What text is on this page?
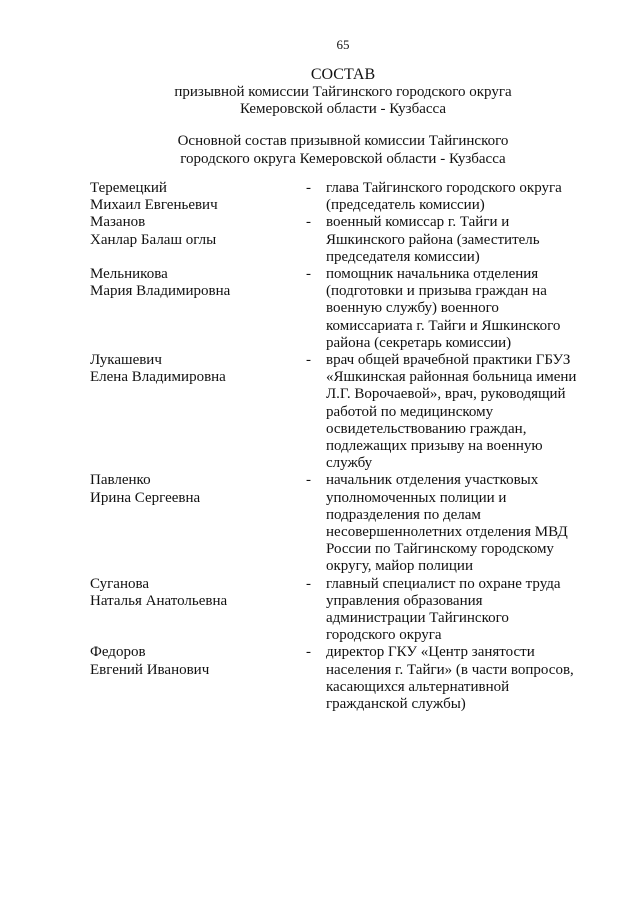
65
СОСТАВ
призывной комиссии Тайгинского городского округа
Кемеровской области - Кузбасса
Основной состав призывной комиссии Тайгинского
городского округа Кемеровской области - Кузбасса
Теремецкий
Михаил Евгеньевич
-	глава Тайгинского городского округа
(председатель комиссии)
Мазанов
Ханлар Балаш оглы
-	военный комиссар г. Тайги и
Яшкинского района (заместитель
председателя комиссии)
Мельникова
Мария Владимировна
-	помощник начальника отделения
(подготовки и призыва граждан на
военную службу) военного
комиссариата г. Тайги и Яшкинского
района (секретарь комиссии)
Лукашевич
Елена Владимировна
-	врач общей врачебной практики ГБУЗ
«Яшкинская районная больница имени
Л.Г. Ворочаевой», врач, руководящий
работой по медицинскому
освидетельствованию граждан,
подлежащих призыву на военную
службу
Павленко
Ирина Сергеевна
-	начальник отделения участковых
уполномоченных полиции и
подразделения по делам
несовершеннолетних отделения МВД
России по Тайгинскому городскому
округу, майор полиции
Суганова
Наталья Анатольевна
-	главный специалист по охране труда
управления образования
администрации Тайгинского
городского округа
Федоров
Евгений Иванович
-	директор ГКУ «Центр занятости
населения г. Тайги» (в части вопросов,
касающихся альтернативной
гражданской службы)
